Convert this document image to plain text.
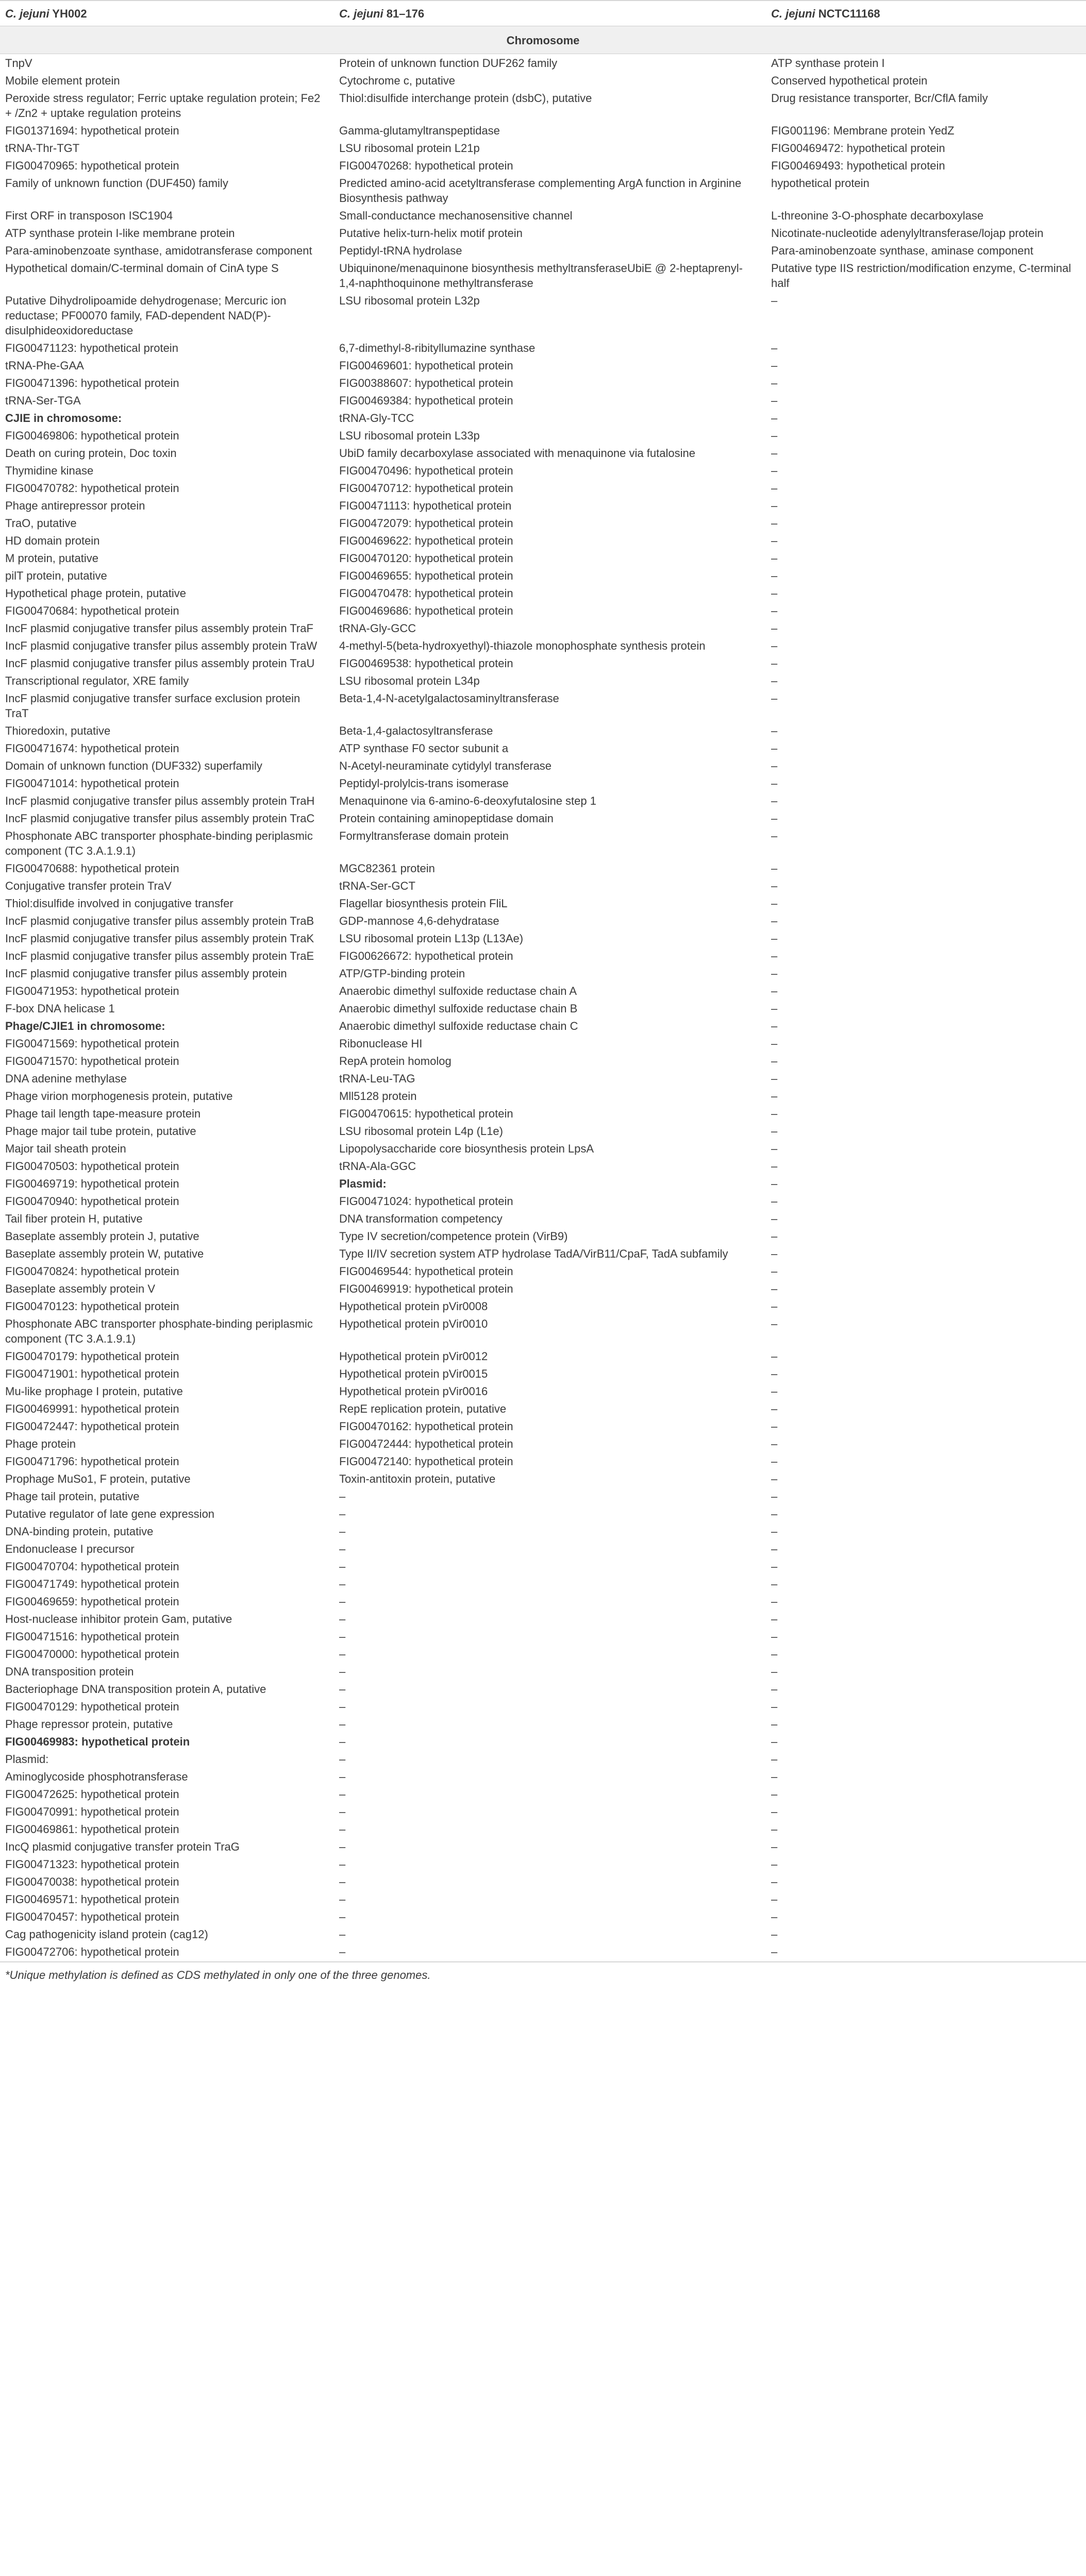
C. jejuni YH002	C. jejuni 81–176	C. jejuni NCTC11168
Chromosome		
TnpV	Protein of unknown function DUF262 family	ATP synthase protein I
Mobile element protein	Cytochrome c, putative	Conserved hypothetical protein
Peroxide stress regulator; Ferric uptake regulation protein; Fe2 + /Zn2 + uptake regulation proteins	Thiol:disulfide interchange protein (dsbC), putative	Drug resistance transporter, Bcr/CflA family
FIG01371694: hypothetical protein	Gamma-glutamyltranspeptidase	FIG001196: Membrane protein YedZ
tRNA-Thr-TGT	LSU ribosomal protein L21p	FIG00469472: hypothetical protein
FIG00470965: hypothetical protein	FIG00470268: hypothetical protein	FIG00469493: hypothetical protein
Family of unknown function (DUF450) family	Predicted amino-acid acetyltransferase complementing ArgA function in Arginine Biosynthesis pathway	hypothetical protein
First ORF in transposon ISC1904	Small-conductance mechanosensitive channel	L-threonine 3-O-phosphate decarboxylase
ATP synthase protein I-like membrane protein	Putative helix-turn-helix motif protein	Nicotinate-nucleotide adenylyltransferase/lojap protein
Para-aminobenzoate synthase, amidotransferase component	Peptidyl-tRNA hydrolase	Para-aminobenzoate synthase, aminase component
Hypothetical domain/C-terminal domain of CinA type S	Ubiquinone/menaquinone biosynthesis methyltransferaseUbiE @ 2-heptaprenyl-1,4-naphthoquinone methyltransferase	Putative type IIS restriction/modification enzyme, C-terminal half
Putative Dihydrolipoamide dehydrogenase; Mercuric ion reductase; PF00070 family, FAD-dependent NAD(P)-disulphideoxidoreductase	LSU ribosomal protein L32p	–
FIG00471123: hypothetical protein	6,7-dimethyl-8-ribityllumazine synthase	–
tRNA-Phe-GAA	FIG00469601: hypothetical protein	–
FIG00471396: hypothetical protein	FIG00388607: hypothetical protein	–
tRNA-Ser-TGA	FIG00469384: hypothetical protein	–
CJIE in chromosome:	tRNA-Gly-TCC	–
FIG00469806: hypothetical protein	LSU ribosomal protein L33p	–
Death on curing protein, Doc toxin	UbiD family decarboxylase associated with menaquinone via futalosine	–
Thymidine kinase	FIG00470496: hypothetical protein	–
FIG00470782: hypothetical protein	FIG00470712: hypothetical protein	–
Phage antirepressor protein	FIG00471113: hypothetical protein	–
TraO, putative	FIG00472079: hypothetical protein	–
HD domain protein	FIG00469622: hypothetical protein	–
M protein, putative	FIG00470120: hypothetical protein	–
pilT protein, putative	FIG00469655: hypothetical protein	–
Hypothetical phage protein, putative	FIG00470478: hypothetical protein	–
FIG00470684: hypothetical protein	FIG00469686: hypothetical protein	–
IncF plasmid conjugative transfer pilus assembly protein TraF	tRNA-Gly-GCC	–
IncF plasmid conjugative transfer pilus assembly protein TraW	4-methyl-5(beta-hydroxyethyl)-thiazole monophosphate synthesis protein	–
IncF plasmid conjugative transfer pilus assembly protein TraU	FIG00469538: hypothetical protein	–
Transcriptional regulator, XRE family	LSU ribosomal protein L34p	–
IncF plasmid conjugative transfer surface exclusion protein TraT	Beta-1,4-N-acetylgalactosaminyltransferase	–
Thioredoxin, putative	Beta-1,4-galactosyltransferase	–
FIG00471674: hypothetical protein	ATP synthase F0 sector subunit a	–
Domain of unknown function (DUF332) superfamily	N-Acetyl-neuraminate cytidylyl transferase	–
FIG00471014: hypothetical protein	Peptidyl-prolylcis-trans isomerase	–
IncF plasmid conjugative transfer pilus assembly protein TraH	Menaquinone via 6-amino-6-deoxyfutalosine step 1	–
IncF plasmid conjugative transfer pilus assembly protein TraC	Protein containing aminopeptidase domain	–
Phosphonate ABC transporter phosphate-binding periplasmic component (TC 3.A.1.9.1)	Formyltransferase domain protein	–
FIG00470688: hypothetical protein	MGC82361 protein	–
Conjugative transfer protein TraV	tRNA-Ser-GCT	–
Thiol:disulfide involved in conjugative transfer	Flagellar biosynthesis protein FliL	–
IncF plasmid conjugative transfer pilus assembly protein TraB	GDP-mannose 4,6-dehydratase	–
IncF plasmid conjugative transfer pilus assembly protein TraK	LSU ribosomal protein L13p (L13Ae)	–
IncF plasmid conjugative transfer pilus assembly protein TraE	FIG00626672: hypothetical protein	–
IncF plasmid conjugative transfer pilus assembly protein	ATP/GTP-binding protein	–
FIG00471953: hypothetical protein	Anaerobic dimethyl sulfoxide reductase chain A	–
F-box DNA helicase 1	Anaerobic dimethyl sulfoxide reductase chain B	–
Phage/CJIE1 in chromosome:	Anaerobic dimethyl sulfoxide reductase chain C	–
FIG00471569: hypothetical protein	Ribonuclease HI	–
FIG00471570: hypothetical protein	RepA protein homolog	–
DNA adenine methylase	tRNA-Leu-TAG	–
Phage virion morphogenesis protein, putative	Mll5128 protein	–
Phage tail length tape-measure protein	FIG00470615: hypothetical protein	–
Phage major tail tube protein, putative	LSU ribosomal protein L4p (L1e)	–
Major tail sheath protein	Lipopolysaccharide core biosynthesis protein LpsA	–
FIG00470503: hypothetical protein	tRNA-Ala-GGC	–
FIG00469719: hypothetical protein	Plasmid:	–
FIG00470940: hypothetical protein	FIG00471024: hypothetical protein	–
Tail fiber protein H, putative	DNA transformation competency	–
Baseplate assembly protein J, putative	Type IV secretion/competence protein (VirB9)	–
Baseplate assembly protein W, putative	Type II/IV secretion system ATP hydrolase TadA/VirB11/CpaF, TadA subfamily	–
FIG00470824: hypothetical protein	FIG00469544: hypothetical protein	–
Baseplate assembly protein V	FIG00469919: hypothetical protein	–
FIG00470123: hypothetical protein	Hypothetical protein pVir0008	–
Phosphonate ABC transporter phosphate-binding periplasmic component (TC 3.A.1.9.1)	Hypothetical protein pVir0010	–
FIG00470179: hypothetical protein	Hypothetical protein pVir0012	–
FIG00471901: hypothetical protein	Hypothetical protein pVir0015	–
Mu-like prophage I protein, putative	Hypothetical protein pVir0016	–
FIG00469991: hypothetical protein	RepE replication protein, putative	–
FIG00472447: hypothetical protein	FIG00470162: hypothetical protein	–
Phage protein	FIG00472444: hypothetical protein	–
FIG00471796: hypothetical protein	FIG00472140: hypothetical protein	–
Prophage MuSo1, F protein, putative	Toxin-antitoxin protein, putative	–
Phage tail protein, putative	–	–
Putative regulator of late gene expression	–	–
DNA-binding protein, putative	–	–
Endonuclease I precursor	–	–
FIG00470704: hypothetical protein	–	–
FIG00471749: hypothetical protein	–	–
FIG00469659: hypothetical protein	–	–
Host-nuclease inhibitor protein Gam, putative	–	–
FIG00471516: hypothetical protein	–	–
FIG00470000: hypothetical protein	–	–
DNA transposition protein	–	–
Bacteriophage DNA transposition protein A, putative	–	–
FIG00470129: hypothetical protein	–	–
Phage repressor protein, putative	–	–
FIG00469983: hypothetical protein	–	–
Plasmid:	–	–
Aminoglycoside phosphotransferase	–	–
FIG00472625: hypothetical protein	–	–
FIG00470991: hypothetical protein	–	–
FIG00469861: hypothetical protein	–	–
IncQ plasmid conjugative transfer protein TraG	–	–
FIG00471323: hypothetical protein	–	–
FIG00470038: hypothetical protein	–	–
FIG00469571: hypothetical protein	–	–
FIG00470457: hypothetical protein	–	–
Cag pathogenicity island protein (cag12)	–	–
FIG00472706: hypothetical protein	–	–
*Unique methylation is defined as CDS methylated in only one of the three genomes.
